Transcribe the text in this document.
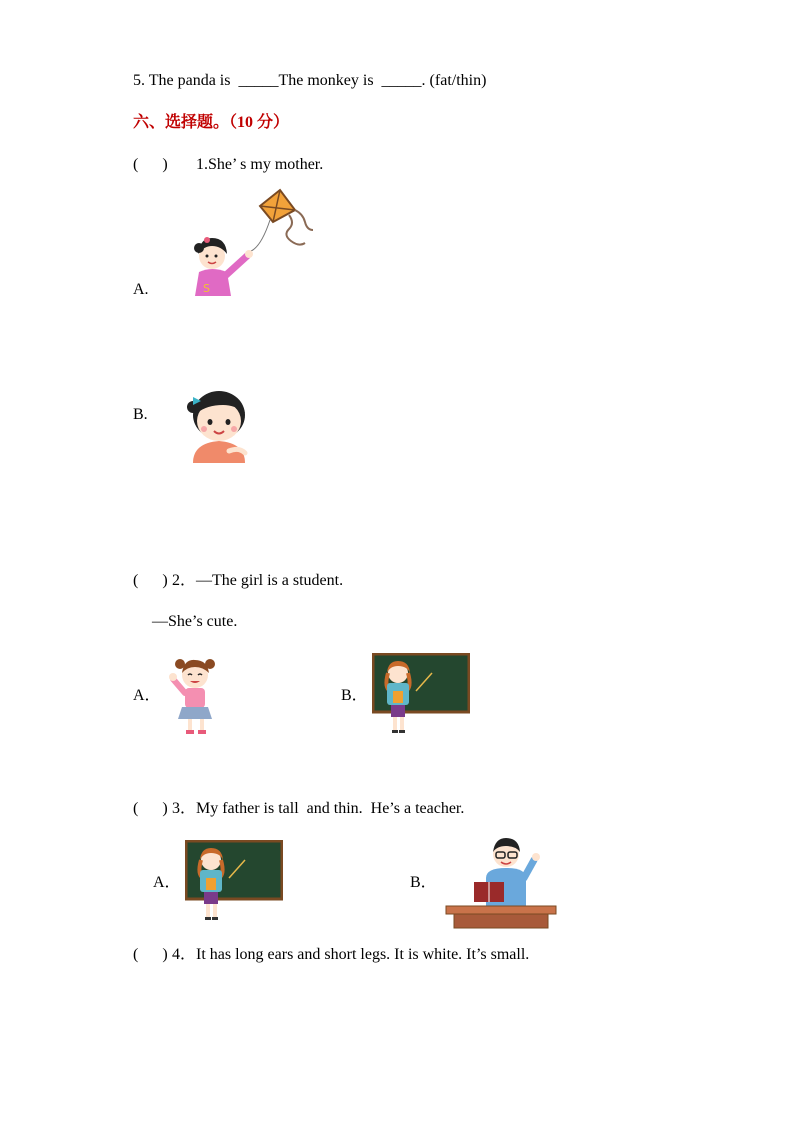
5. The panda is  _____The monkey is  _____. (fat/thin)
六、选择题。（10 分）
(      ) 1.She’ s my mother.
A.	S
B.
(      ) 2．—The girl is a student.
—She’s cute.
A．	B．
(      ) 3．My father is tall  and thin.  He’s a teacher.
A．	B．
(      ) 4．It has long ears and short legs. It is white. It’s small.
